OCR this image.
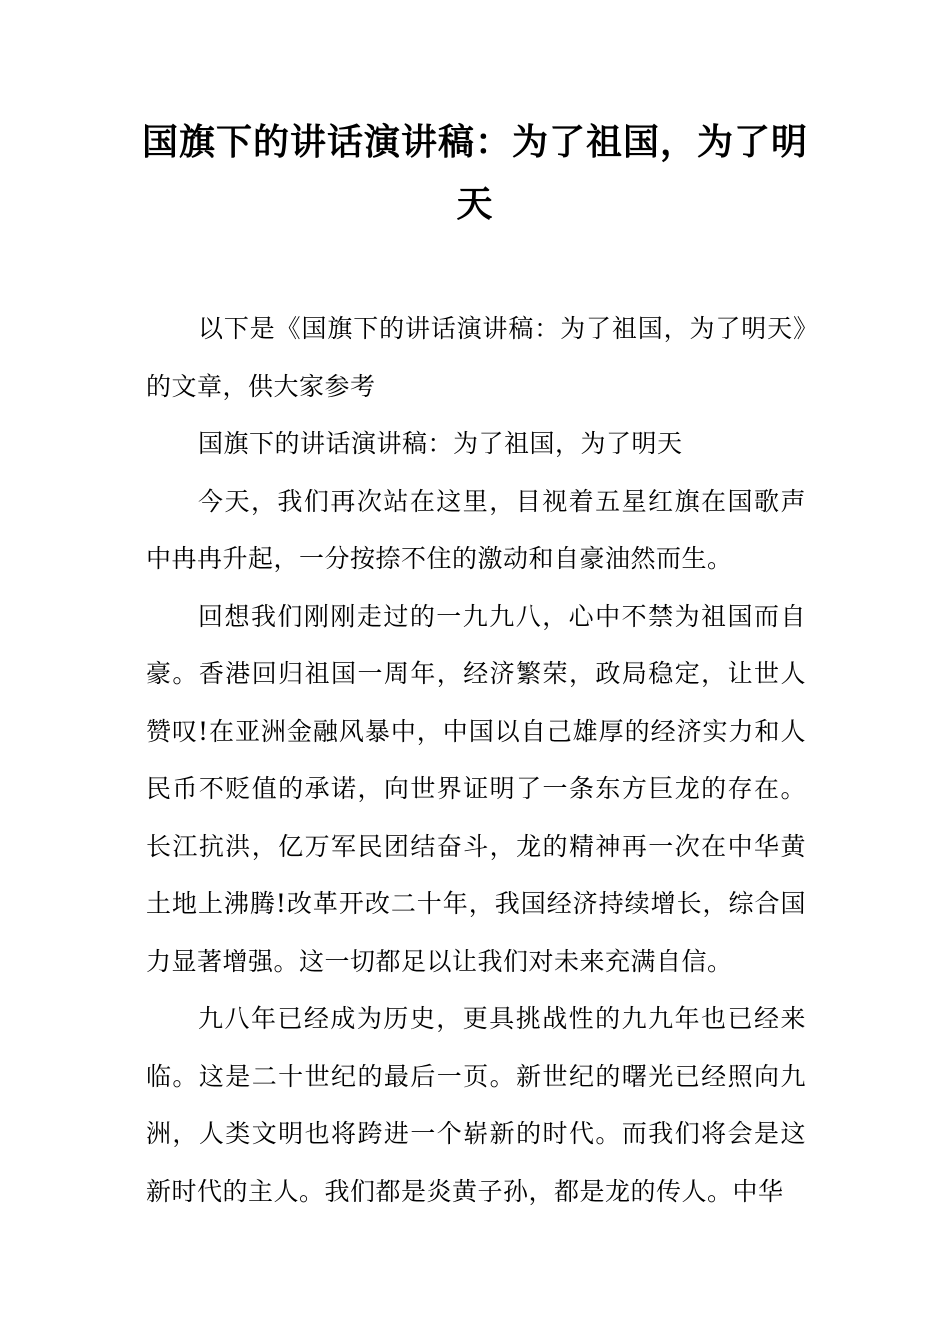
国旗下的讲话演讲稿：为了祖国，为了明天

以下是《国旗下的讲话演讲稿：为了祖国，为了明天》的文章，供大家参考

国旗下的讲话演讲稿：为了祖国，为了明天

今天，我们再次站在这里，目视着五星红旗在国歌声中冉冉升起，一分按捺不住的激动和自豪油然而生。

回想我们刚刚走过的一九九八，心中不禁为祖国而自豪。香港回归祖国一周年，经济繁荣，政局稳定，让世人赞叹!在亚洲金融风暴中，中国以自己雄厚的经济实力和人民币不贬值的承诺，向世界证明了一条东方巨龙的存在。长江抗洪，亿万军民团结奋斗，龙的精神再一次在中华黄土地上沸腾!改革开改二十年，我国经济持续增长，综合国力显著增强。这一切都足以让我们对未来充满自信。

九八年已经成为历史，更具挑战性的九九年也已经来临。这是二十世纪的最后一页。新世纪的曙光已经照向九洲，人类文明也将跨进一个崭新的时代。而我们将会是这新时代的主人。我们都是炎黄子孙，都是龙的传人。中华
